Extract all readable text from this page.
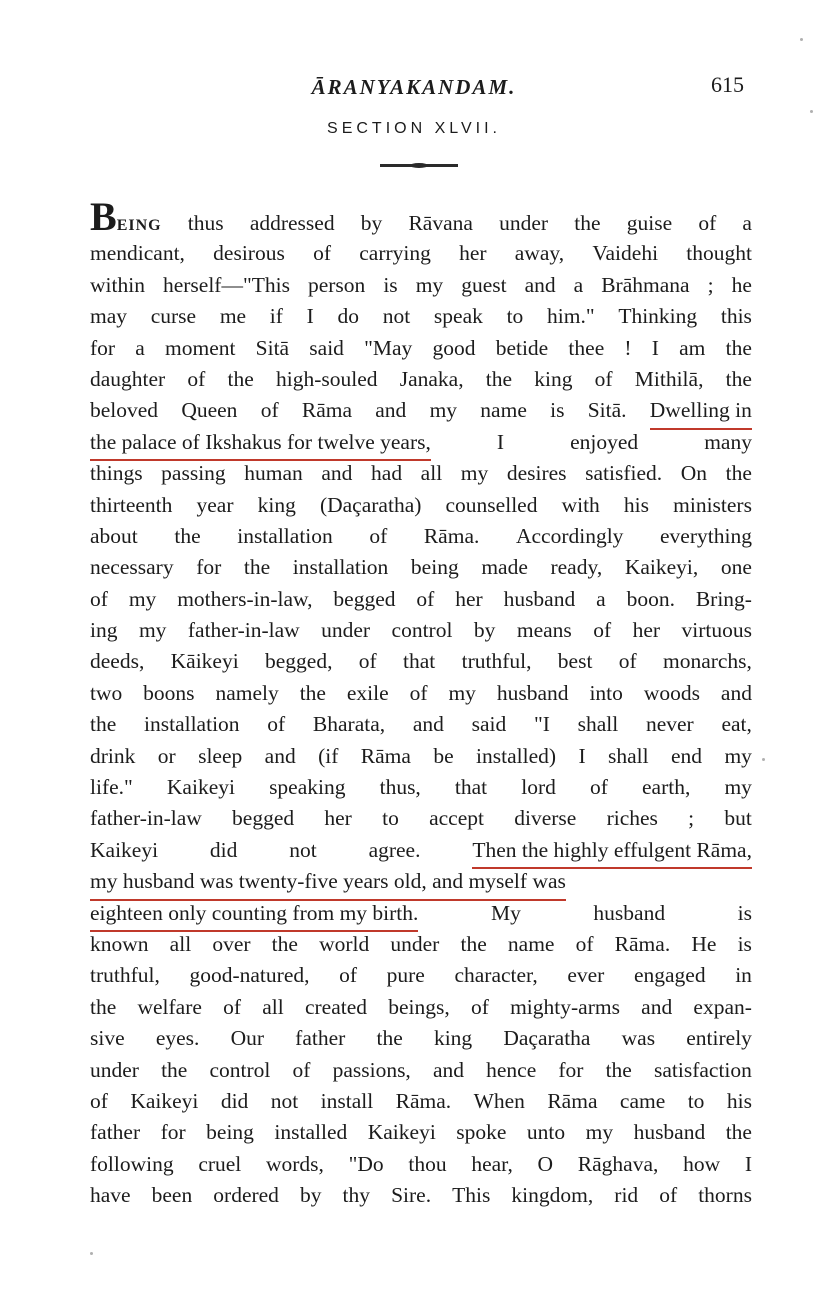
ĀRANYAKANDAM.	615
SECTION XLVII.
BEING thus addressed by Rāvana under the guise of a
mendicant, desirous of carrying her away, Vaidehi thought
within herself—"This person is my guest and a Brāhmana ; he
may curse me if I do not speak to him." Thinking this
for a moment Sitā said "May good betide thee ! I am the
daughter of the high-souled Janaka, the king of Mithilā, the
beloved Queen of Rāma and my name is Sitā. Dwelling in
the palace of Ikshakus for twelve years,	I	enjoyed	many
things passing human and had all my desires satisfied. On the
thirteenth year king (Daçaratha) counselled with his ministers
about the installation of Rāma. Accordingly everything
necessary for the installation being made ready, Kaikeyi, one
of my mothers-in-law, begged of her husband a boon. Bring-
ing my father-in-law under control by means of her virtuous
deeds, Kāikeyi begged, of that truthful, best of monarchs,
two boons namely the exile of my husband into woods and
the installation of Bharata, and said "I shall never eat,
drink or sleep and (if Rāma be installed) I shall end my
life." Kaikeyi speaking thus, that lord of earth, my
father-in-law begged her to accept diverse riches ; but
Kaikeyi did not agree. Then the highly effulgent Rāma,
my husband was twenty-five years old, and myself was
eighteen only counting from my birth.	My	husband	is
known all over the world under the name of Rāma. He is
truthful, good-natured, of pure character, ever engaged in
the welfare of all created beings, of mighty-arms and expan-
sive eyes. Our father the king Daçaratha was entirely
under the control of passions, and hence for the satisfaction
of Kaikeyi did not install Rāma. When Rāma came to his
father for being installed Kaikeyi spoke unto my husband the
following cruel words, "Do thou hear, O Rāghava, how I
have been ordered by thy Sire. This kingdom, rid of thorns
